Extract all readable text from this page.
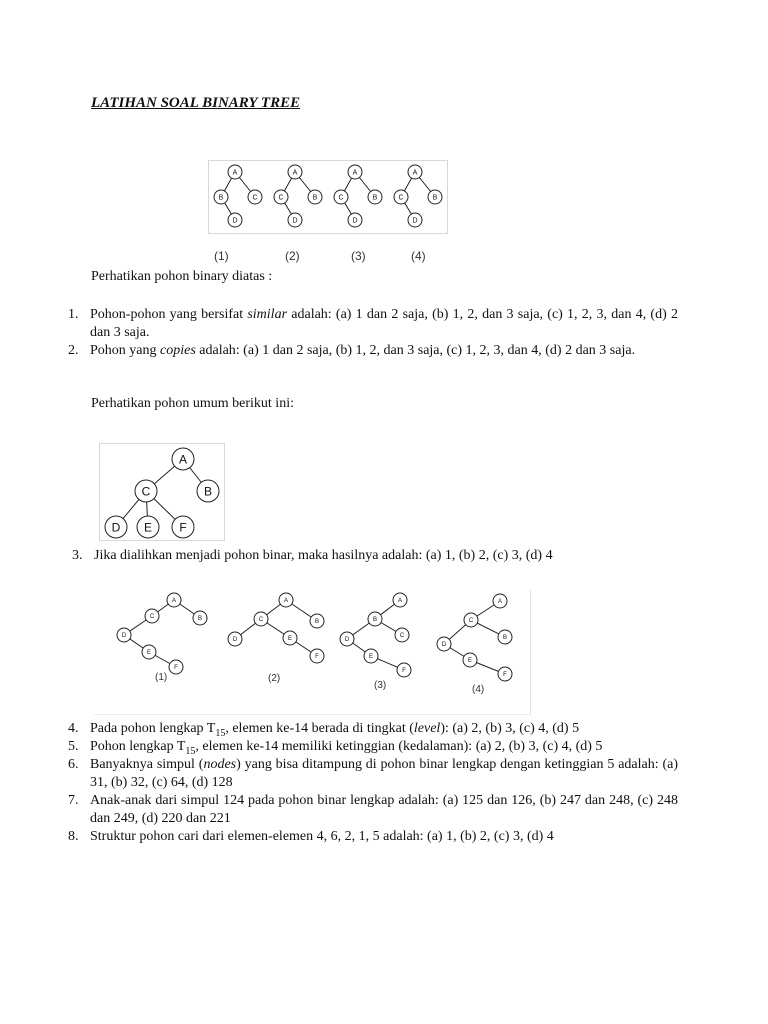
LATIHAN SOAL BINARY TREE
A
B	C
D
A
C	B
D
A
C	B
D
A
C	B
D
(1)	(2)	(3)	(4)
Perhatikan pohon binary diatas :
1. Pohon-pohon yang bersifat similar adalah: (a) 1 dan 2 saja, (b) 1, 2, dan 3 saja, (c) 1, 2, 3, dan 4, (d) 2 dan 3 saja.
2. Pohon yang copies adalah: (a) 1 dan 2 saja, (b) 1, 2, dan 3 saja, (c) 1, 2, 3, dan 4, (d) 2 dan 3 saja.
Perhatikan pohon umum berikut ini:
A
C	B
D E F
3. Jika dialihkan menjadi pohon binar, maka hasilnya adalah: (a) 1, (b) 2, (c) 3, (d) 4
A
C	B
D
E
F
A
C	B
D	E
F
A
B
C
D
E
F
A
C
B
D
E
F
(1)	(2)
(3)	(4)
4. Pada pohon lengkap $T_{15}$, elemen ke-14 berada di tingkat (level): (a) 2, (b) 3, (c) 4, (d) 5
5. Pohon lengkap $T_{15}$, elemen ke-14 memiliki ketinggian (kedalaman): (a) 2, (b) 3, (c) 4, (d) 5
6. Banyaknya simpul (nodes) yang bisa ditampung di pohon binar lengkap dengan ketinggian 5 adalah: (a) 31, (b) 32, (c) 64, (d) 128
7. Anak-anak dari simpul 124 pada pohon binar lengkap adalah: (a) 125 dan 126, (b) 247 dan 248, (c) 248 dan 249, (d) 220 dan 221
8. Struktur pohon cari dari elemen-elemen 4, 6, 2, 1, 5 adalah: (a) 1, (b) 2, (c) 3, (d) 4
